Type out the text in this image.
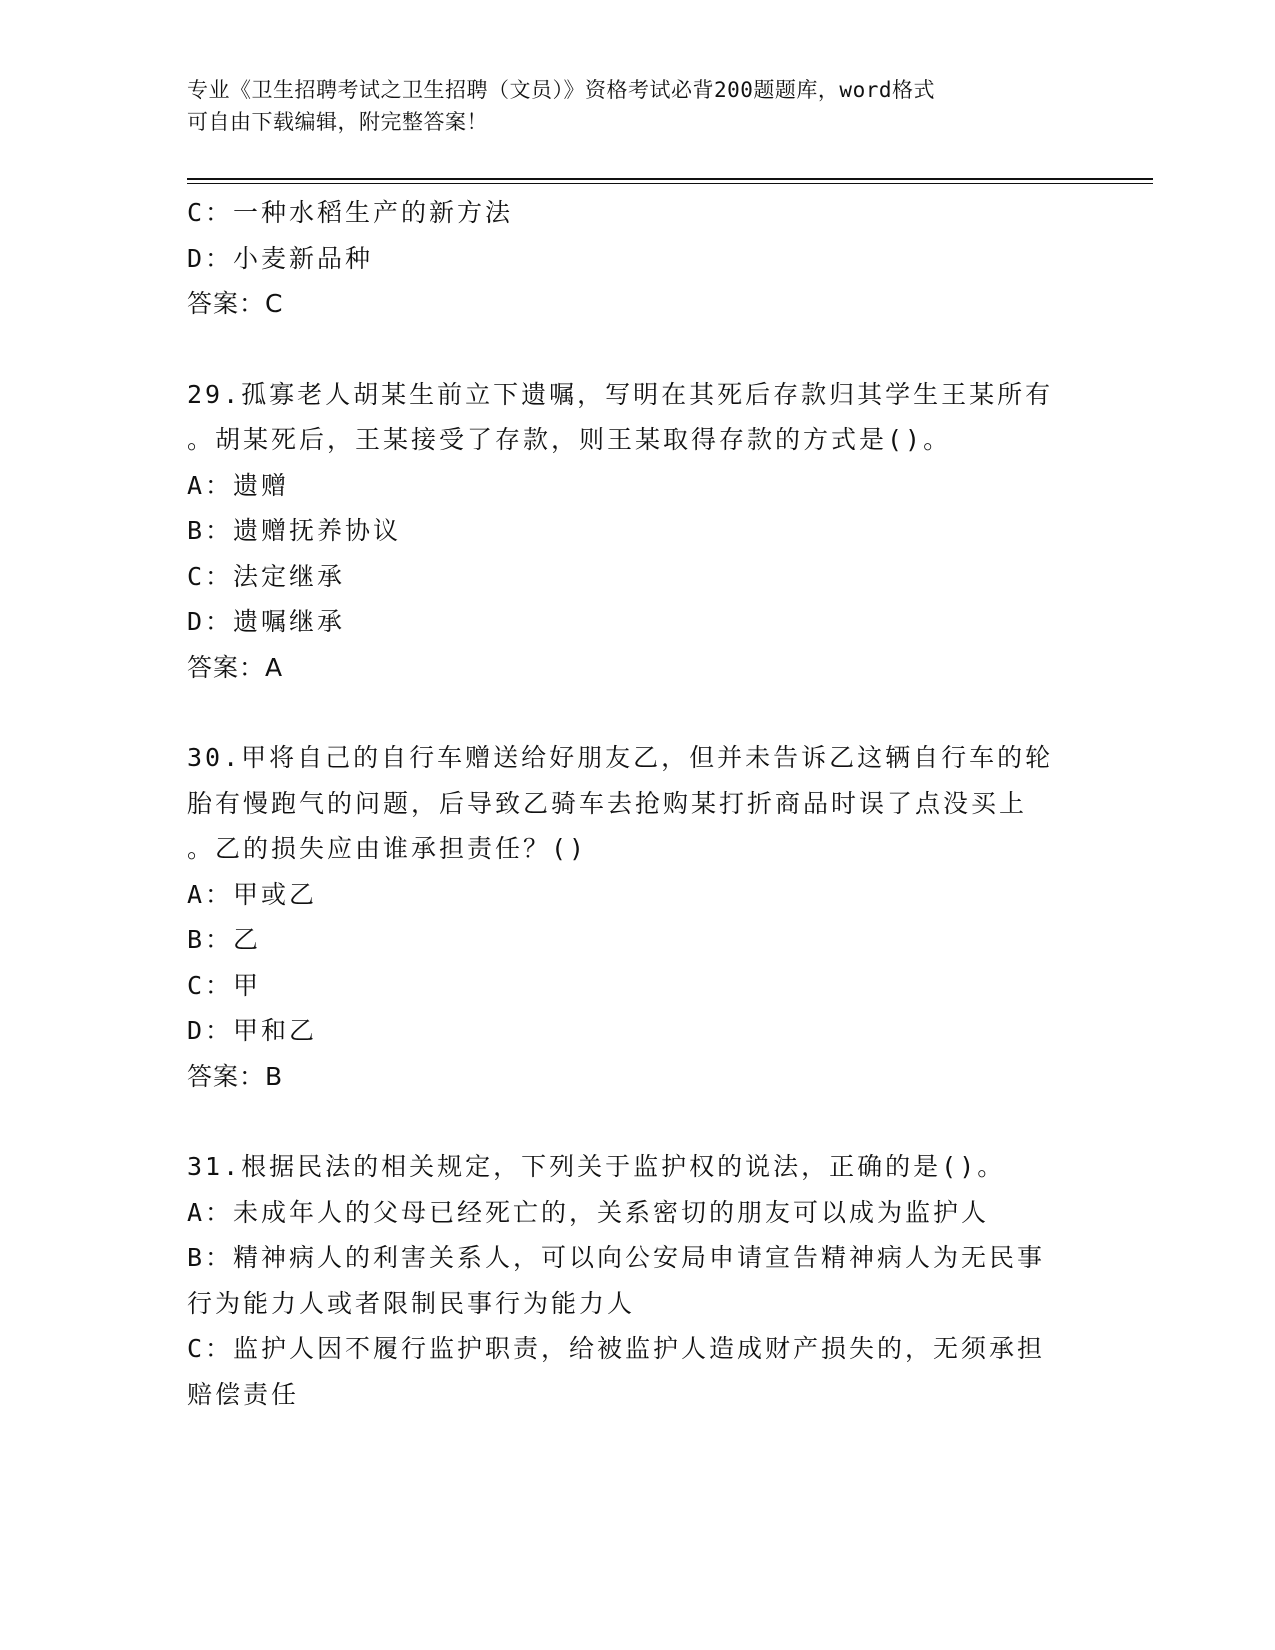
专业《卫生招聘考试之卫生招聘（文员）》资格考试必背200题题库，word格式
可自由下载编辑，附完整答案！
C：一种水稻生产的新方法
D：小麦新品种
答案：C
29.孤寡老人胡某生前立下遗嘱，写明在其死后存款归其学生王某所有
。胡某死后，王某接受了存款，则王某取得存款的方式是()。
A：遗赠
B：遗赠抚养协议
C：法定继承
D：遗嘱继承
答案：A
30.甲将自己的自行车赠送给好朋友乙，但并未告诉乙这辆自行车的轮
胎有慢跑气的问题，后导致乙骑车去抢购某打折商品时误了点没买上
。乙的损失应由谁承担责任？()
A：甲或乙
B：乙
C：甲
D：甲和乙
答案：B
31.根据民法的相关规定，下列关于监护权的说法，正确的是()。
A：未成年人的父母已经死亡的，关系密切的朋友可以成为监护人
B：精神病人的利害关系人，可以向公安局申请宣告精神病人为无民事
行为能力人或者限制民事行为能力人
C：监护人因不履行监护职责，给被监护人造成财产损失的，无须承担
赔偿责任
